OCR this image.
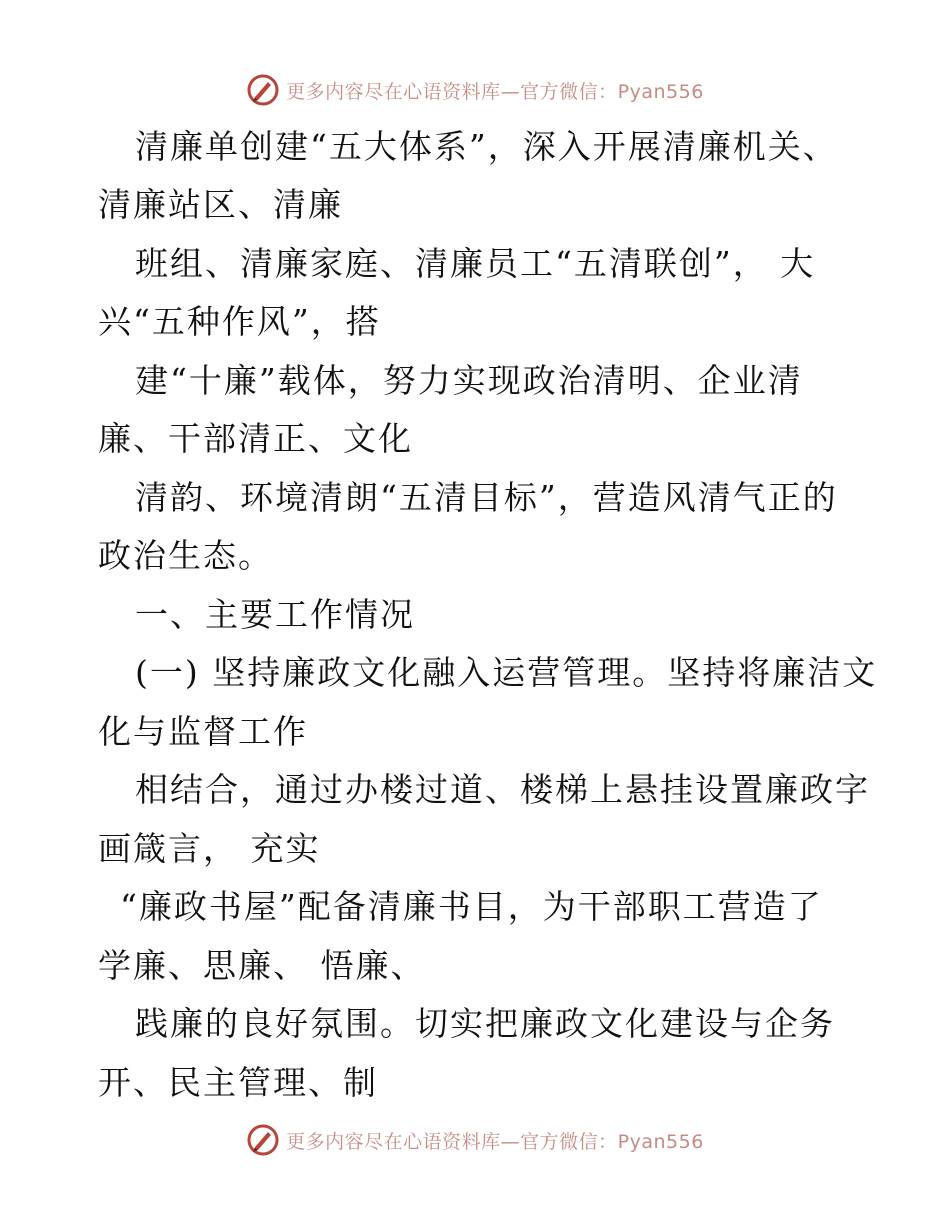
更多内容尽在心语资料库—官方微信：Pyan556
清廉单创建“五大体系”，深入开展清廉机关、
清廉站区、清廉
班组、清廉家庭、清廉员工“五清联创”， 大
兴“五种作风”，搭
建“十廉”载体，努力实现政治清明、企业清
廉、干部清正、文化
清韵、环境清朗“五清目标”，营造风清气正的
政治生态。
一、主要工作情况
(一) 坚持廉政文化融入运营管理。坚持将廉洁文
化与监督工作
相结合，通过办楼过道、楼梯上悬挂设置廉政字
画箴言， 充实
“廉政书屋”配备清廉书目，为干部职工营造了
学廉、思廉、 悟廉、
践廉的良好氛围。切实把廉政文化建设与企务
开、民主管理、制
更多内容尽在心语资料库—官方微信：Pyan556
